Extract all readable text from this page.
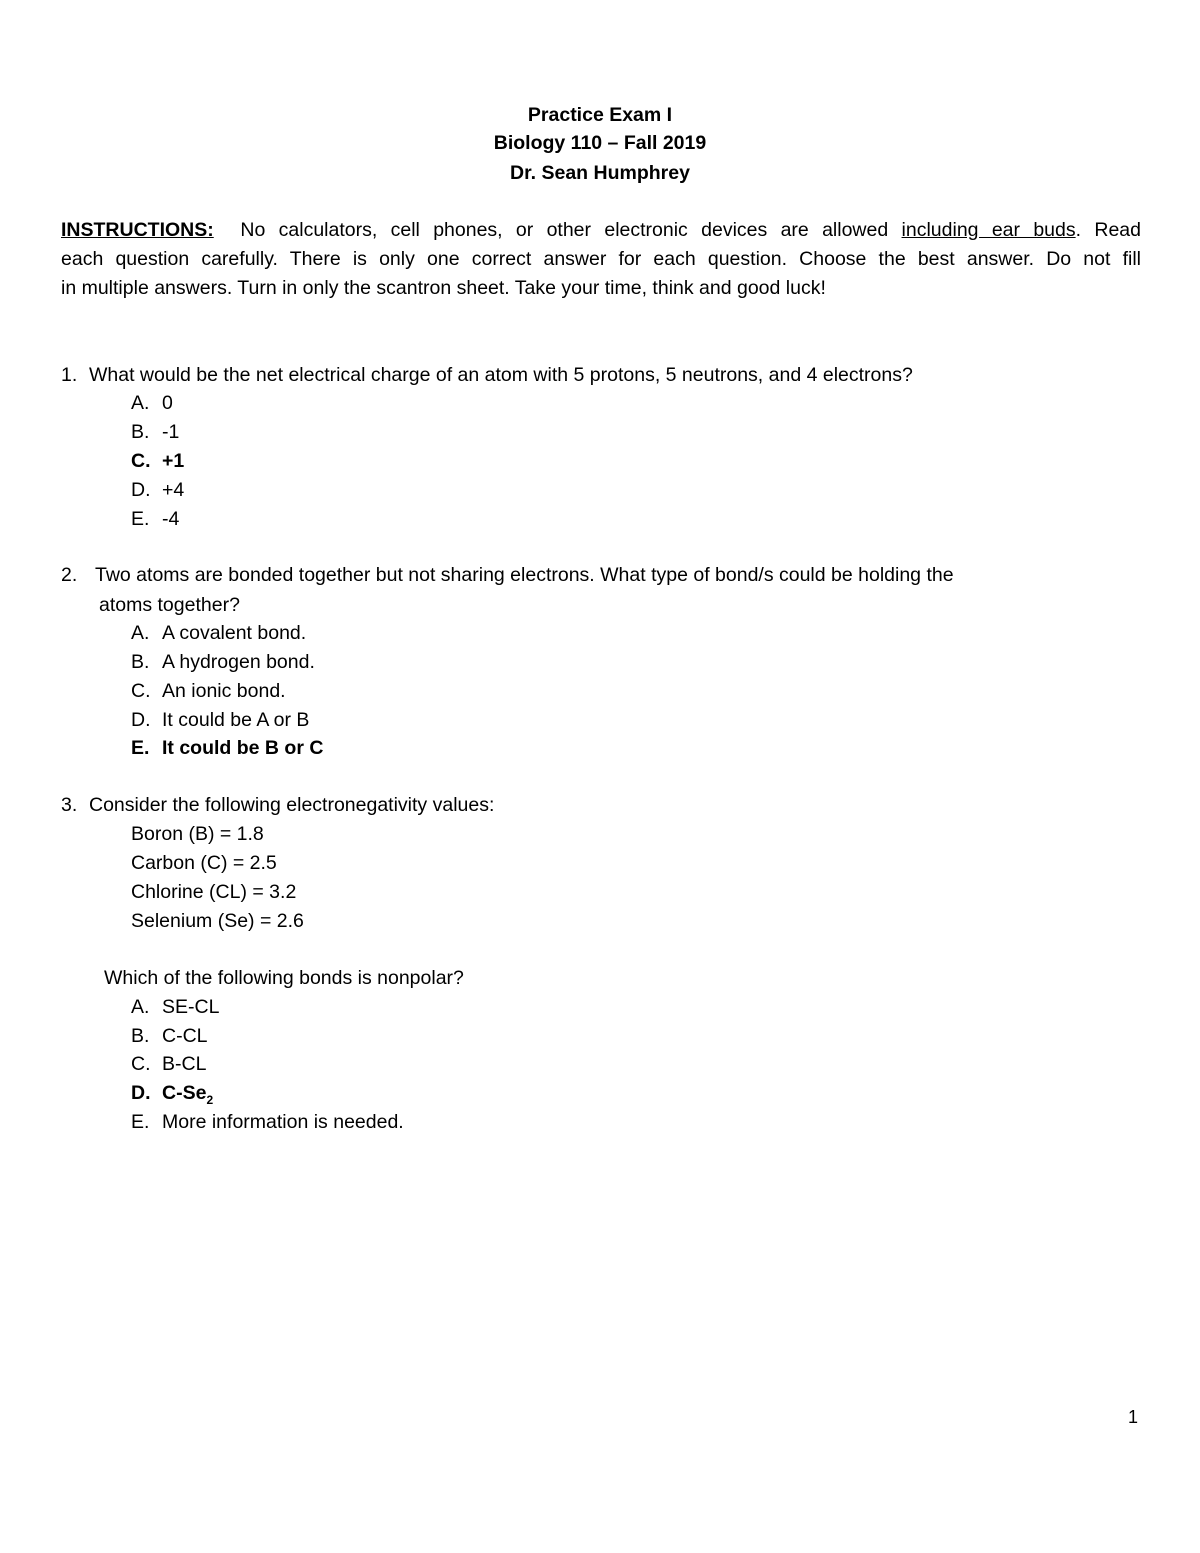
Practice Exam I
Biology 110 – Fall 2019
Dr. Sean Humphrey
INSTRUCTIONS: No calculators, cell phones, or other electronic devices are allowed including ear buds. Read
each question carefully. There is only one correct answer for each question. Choose the best answer. Do not fill
in multiple answers. Turn in only the scantron sheet. Take your time, think and good luck!
1. What would be the net electrical charge of an atom with 5 protons, 5 neutrons, and 4 electrons?
A. 0
B. -1
C. +1
D. +4
E. -4
2. Two atoms are bonded together but not sharing electrons. What type of bond/s could be holding the
atoms together?
A. A covalent bond.
B. A hydrogen bond.
C. An ionic bond.
D. It could be A or B
E. It could be B or C
3. Consider the following electronegativity values:
Boron (B) = 1.8
Carbon (C) = 2.5
Chlorine (CL) = 3.2
Selenium (Se) = 2.6
Which of the following bonds is nonpolar?
A. SE-CL
B. C-CL
C. B-CL
D. $C-Se_2$
E. More information is needed.
1
